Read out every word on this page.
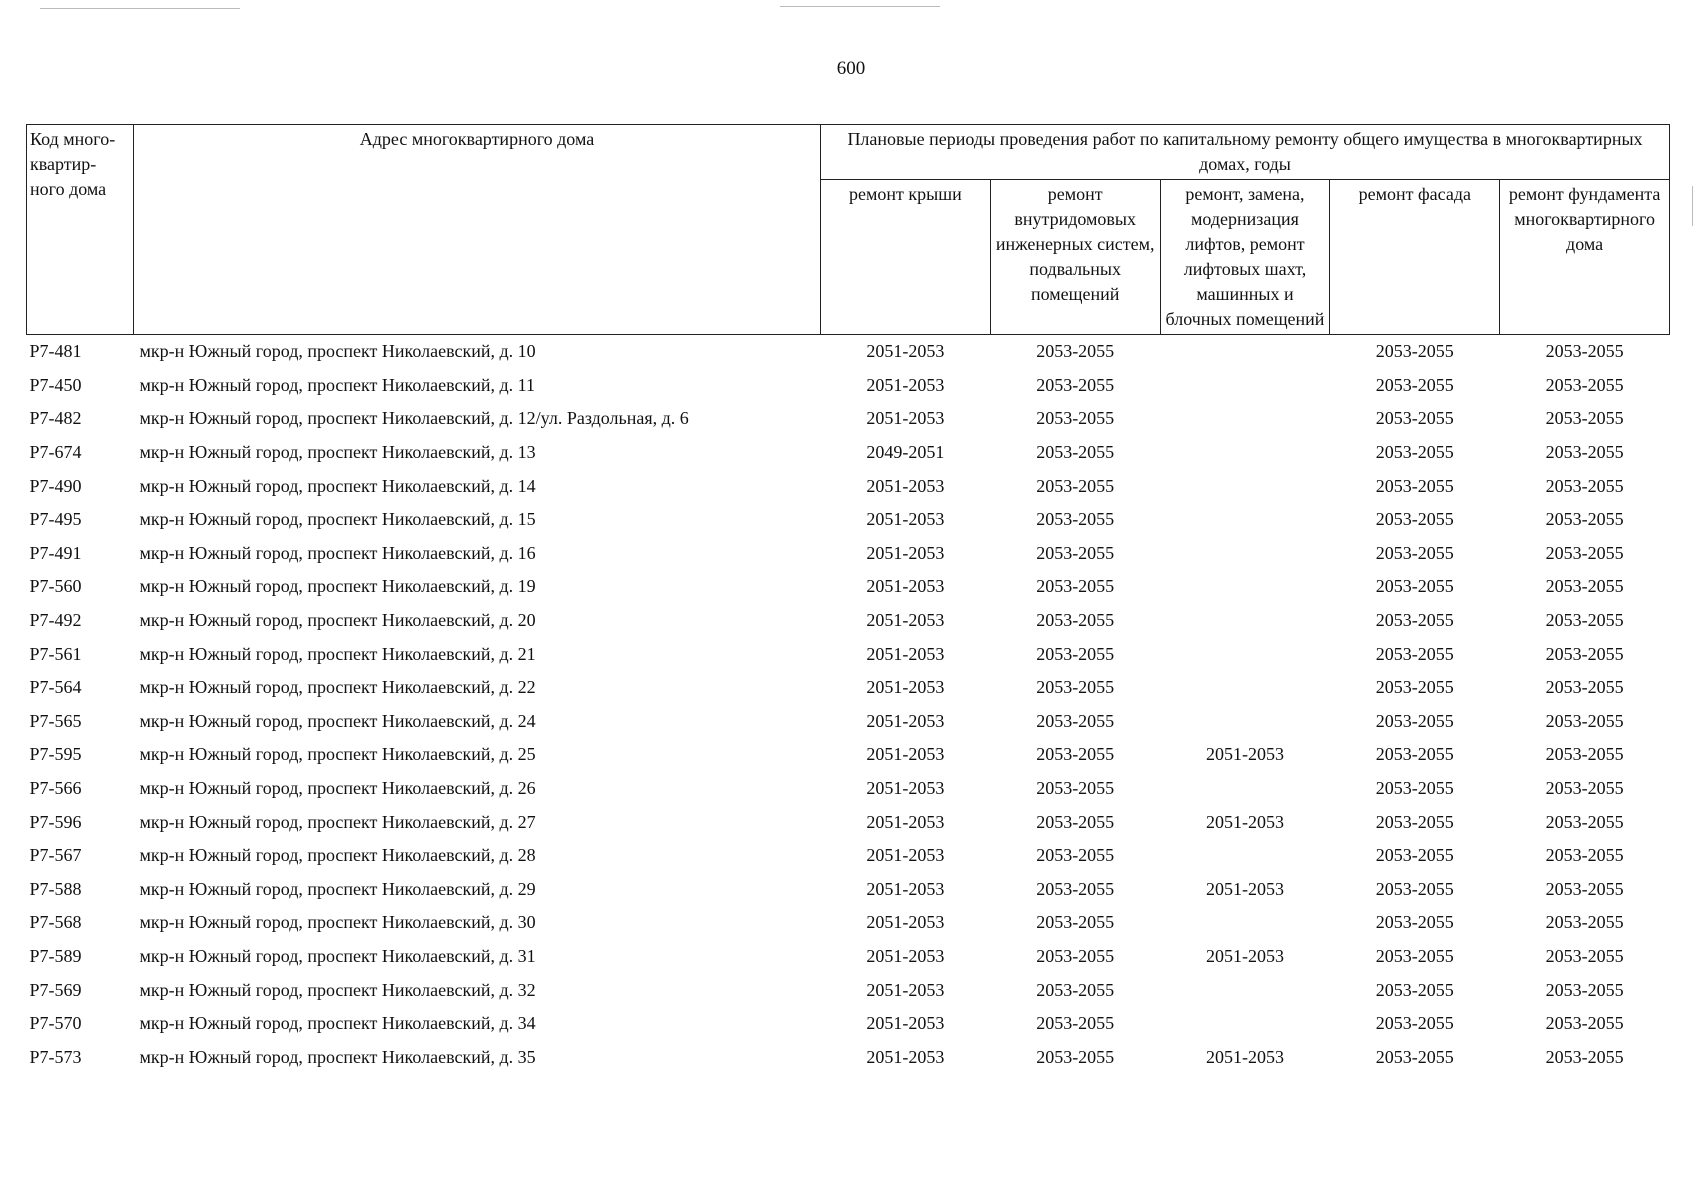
600
Код много-квартир-ного дома	Адрес многоквартирного дома	Плановые периоды проведения работ по капитальному ремонту общего имущества в многоквартирных домах, годы				
		ремонт крыши	ремонт внутридомовых инженерных систем, подвальных помещений	ремонт, замена, модернизация лифтов, ремонт лифтовых шахт, машинных и блочных помещений	ремонт фасада	ремонт фундамента многоквартирного дома
P7-481	мкр-н Южный город, проспект Николаевский, д. 10	2051-2053	2053-2055		2053-2055	2053-2055
P7-450	мкр-н Южный город, проспект Николаевский, д. 11	2051-2053	2053-2055		2053-2055	2053-2055
P7-482	мкр-н Южный город, проспект Николаевский, д. 12/ул. Раздольная, д. 6	2051-2053	2053-2055		2053-2055	2053-2055
P7-674	мкр-н Южный город, проспект Николаевский, д. 13	2049-2051	2053-2055		2053-2055	2053-2055
P7-490	мкр-н Южный город, проспект Николаевский, д. 14	2051-2053	2053-2055		2053-2055	2053-2055
P7-495	мкр-н Южный город, проспект Николаевский, д. 15	2051-2053	2053-2055		2053-2055	2053-2055
P7-491	мкр-н Южный город, проспект Николаевский, д. 16	2051-2053	2053-2055		2053-2055	2053-2055
P7-560	мкр-н Южный город, проспект Николаевский, д. 19	2051-2053	2053-2055		2053-2055	2053-2055
P7-492	мкр-н Южный город, проспект Николаевский, д. 20	2051-2053	2053-2055		2053-2055	2053-2055
P7-561	мкр-н Южный город, проспект Николаевский, д. 21	2051-2053	2053-2055		2053-2055	2053-2055
P7-564	мкр-н Южный город, проспект Николаевский, д. 22	2051-2053	2053-2055		2053-2055	2053-2055
P7-565	мкр-н Южный город, проспект Николаевский, д. 24	2051-2053	2053-2055		2053-2055	2053-2055
P7-595	мкр-н Южный город, проспект Николаевский, д. 25	2051-2053	2053-2055	2051-2053	2053-2055	2053-2055
P7-566	мкр-н Южный город, проспект Николаевский, д. 26	2051-2053	2053-2055		2053-2055	2053-2055
P7-596	мкр-н Южный город, проспект Николаевский, д. 27	2051-2053	2053-2055	2051-2053	2053-2055	2053-2055
P7-567	мкр-н Южный город, проспект Николаевский, д. 28	2051-2053	2053-2055		2053-2055	2053-2055
P7-588	мкр-н Южный город, проспект Николаевский, д. 29	2051-2053	2053-2055	2051-2053	2053-2055	2053-2055
P7-568	мкр-н Южный город, проспект Николаевский, д. 30	2051-2053	2053-2055		2053-2055	2053-2055
P7-589	мкр-н Южный город, проспект Николаевский, д. 31	2051-2053	2053-2055	2051-2053	2053-2055	2053-2055
P7-569	мкр-н Южный город, проспект Николаевский, д. 32	2051-2053	2053-2055		2053-2055	2053-2055
P7-570	мкр-н Южный город, проспект Николаевский, д. 34	2051-2053	2053-2055		2053-2055	2053-2055
P7-573	мкр-н Южный город, проспект Николаевский, д. 35	2051-2053	2053-2055	2051-2053	2053-2055	2053-2055
